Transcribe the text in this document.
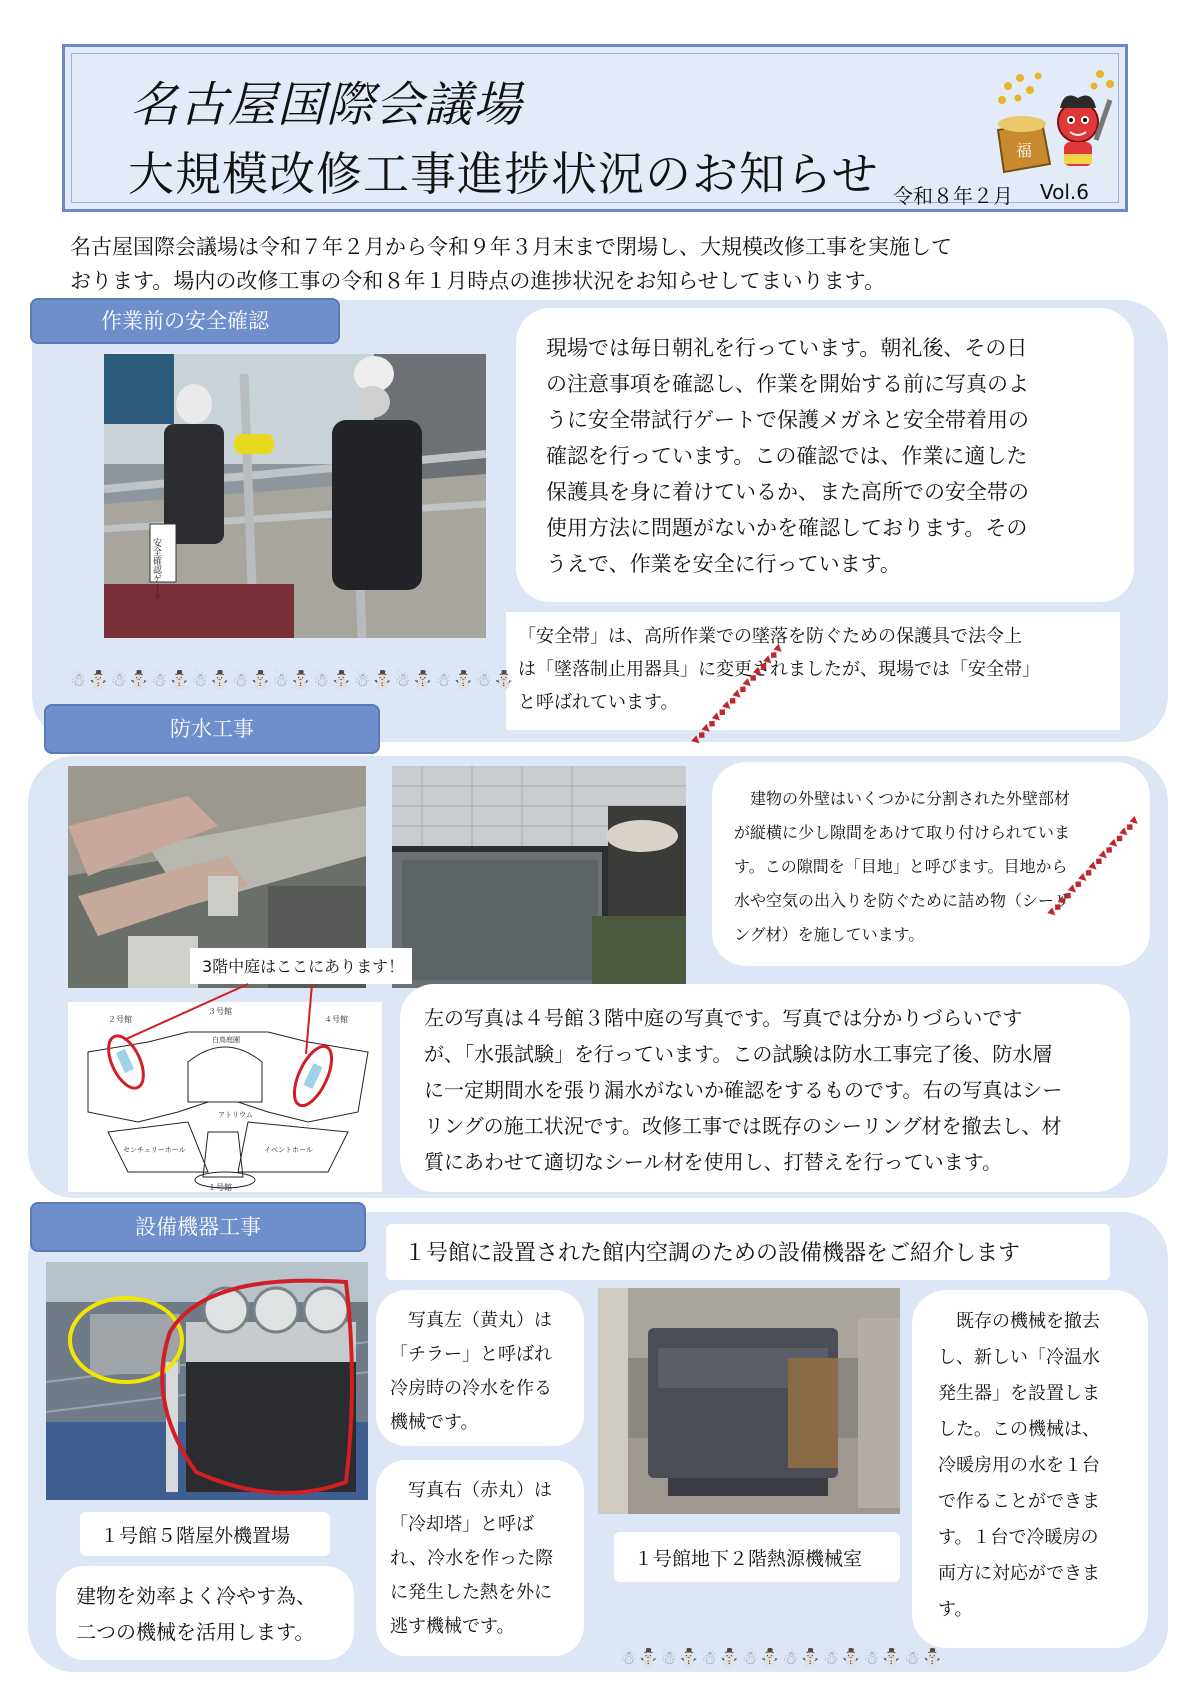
名古屋国際会議場
大規模改修工事進捗状況のお知らせ 令和８年２月 Vol.6
福
名古屋国際会議場は令和７年２月から令和９年３月末まで閉場し、大規模改修工事を実施して
おります。場内の改修工事の令和８年１月時点の進捗状況をお知らせしてまいります。
作業前の安全確認
安全確認ゲート
現場では毎日朝礼を行っています。朝礼後、その日
の注意事項を確認し、作業を開始する前に写真のよ
うに安全帯試行ゲートで保護メガネと安全帯着用の
確認を行っています。この確認では、作業に適した
保護具を身に着けているか、また高所での安全帯の
使用方法に問題がないかを確認しております。その
うえで、作業を安全に行っています。
「安全帯」は、高所作業での墜落を防ぐための保護具で法令上
は「墜落制止用器具」に変更されましたが、現場では「安全帯」
と呼ばれています。
☃⛄☃⛄☃⛄☃⛄☃⛄☃⛄☃⛄☃⛄☃⛄☃⛄☃⛄
防水工事
3階中庭はここにあります！
２号館
３号館
４号館
１号館
白鳥庭園
アトリウム
センチュリーホール	イベントホール
　建物の外壁はいくつかに分割された外壁部材
が縦横に少し隙間をあけて取り付けられていま
す。この隙間を「目地」と呼びます。目地から
水や空気の出入りを防ぐために詰め物（シーリ
ング材）を施しています。
▼◆▼◆▼◆▼◆▼◆▼◆▼◆▼◆▼
▼◆▼◆▼◆▼◆▼◆▼◆▼◆▼◆▼
左の写真は４号館３階中庭の写真です。写真では分かりづらいです
が、「水張試験」を行っています。この試験は防水工事完了後、防水層
に一定期間水を張り漏水がないか確認をするものです。右の写真はシー
リングの施工状況です。改修工事では既存のシーリング材を撤去し、材
質にあわせて適切なシール材を使用し、打替えを行っています。
設備機器工事
１号館に設置された館内空調のための設備機器をご紹介します
１号館５階屋外機置場
建物を効率よく冷やす為、
二つの機械を活用します。
　写真左（黄丸）は
「チラー」と呼ばれ
冷房時の冷水を作る
機械です。
　写真右（赤丸）は
「冷却塔」と呼ば
れ、冷水を作った際
に発生した熱を外に
逃す機械です。
１号館地下２階熱源機械室
　既存の機械を撤去
し、新しい「冷温水
発生器」を設置しま
した。この機械は、
冷暖房用の水を１台
で作ることができま
す。１台で冷暖房の
両方に対応ができま
す。
☃⛄☃⛄☃⛄☃⛄☃⛄☃⛄☃⛄☃⛄
